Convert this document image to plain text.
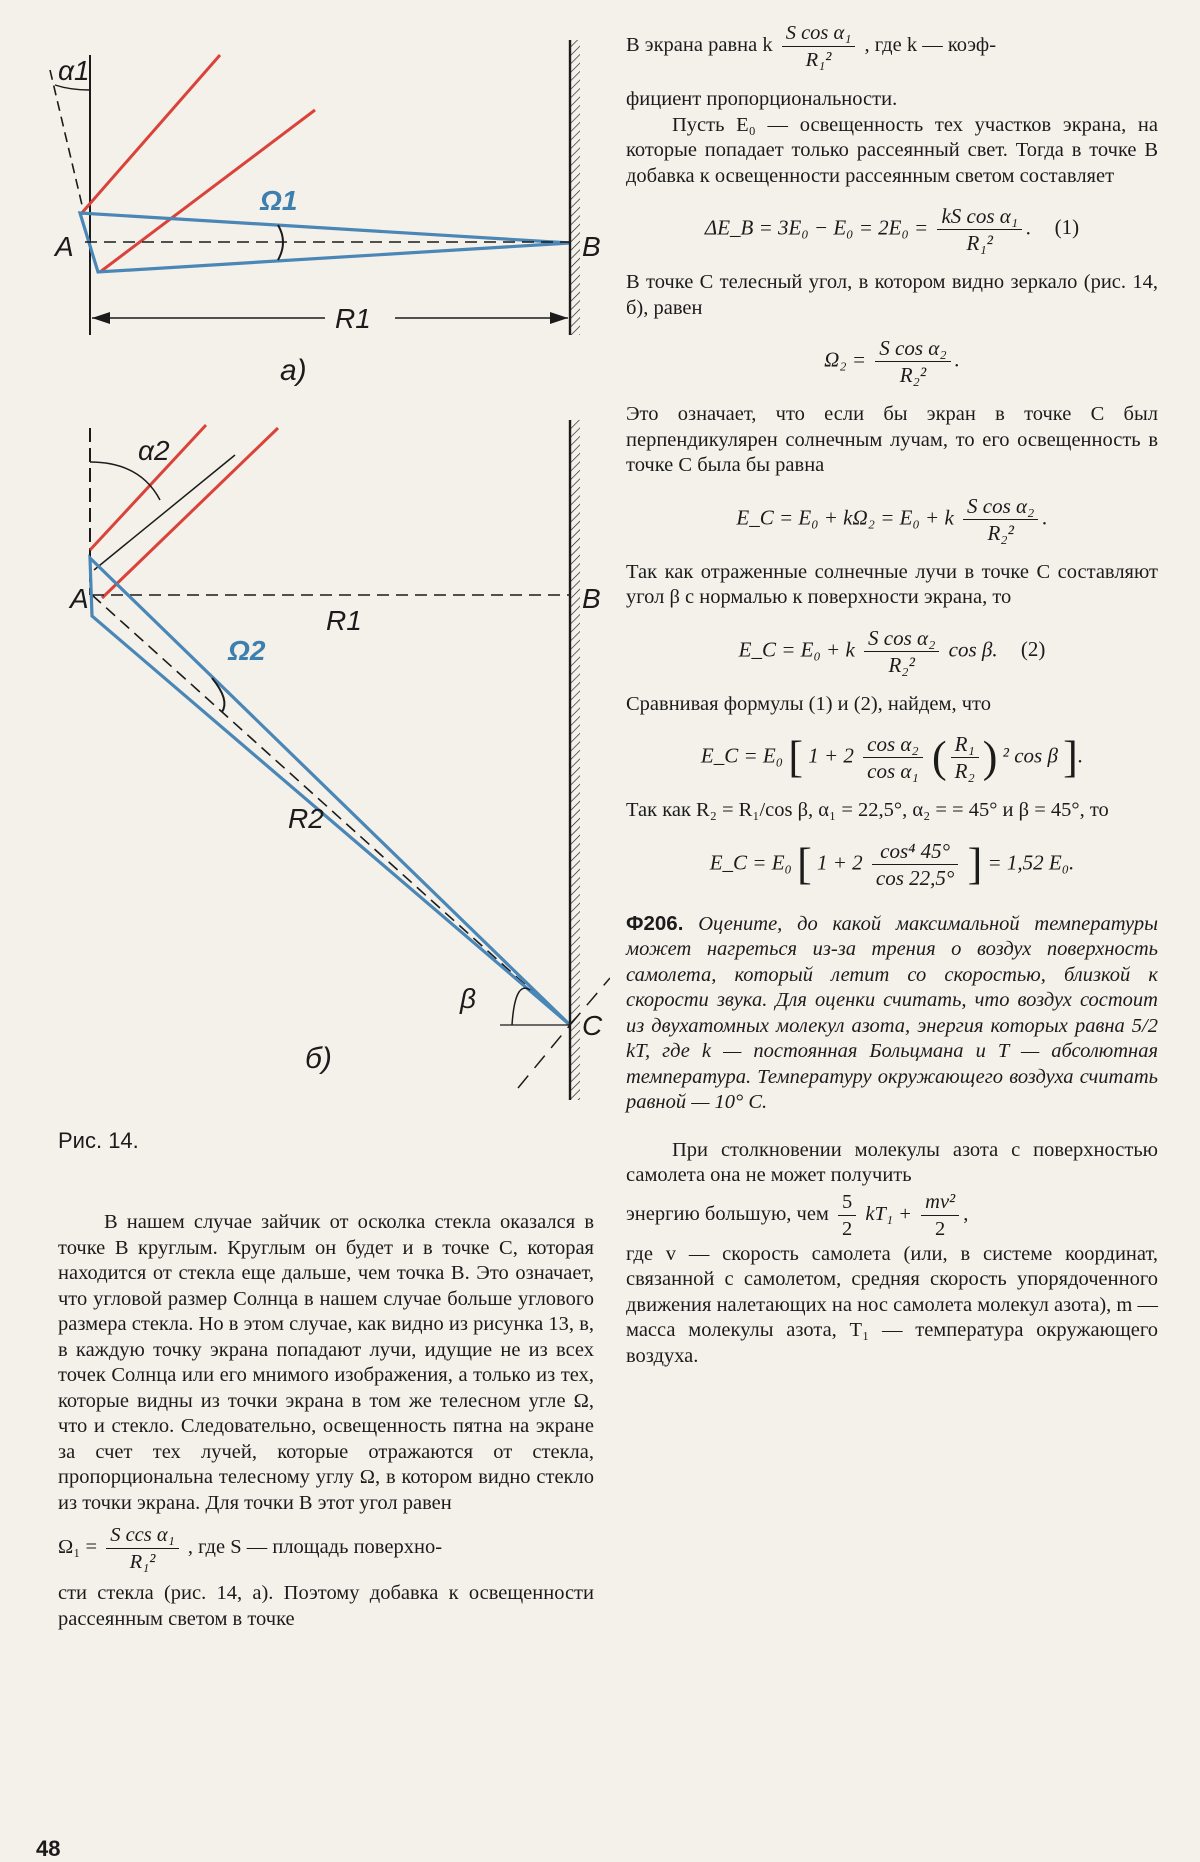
α1
Ω1
A	B
R1
а)
α2
Ω2
A	B
R1
R2
β
C
б)
Рис. 14.

В нашем случае зайчик от осколка стекла оказался в точке B круглым. Круглым он будет и в точке C, которая находится от стекла еще дальше, чем точка B. Это означает, что угловой размер Солнца в нашем случае больше углового размера стекла. Но в этом случае, как видно из рисунка 13, в, в каждую точку экрана попадают лучи, идущие не из всех точек Солнца или его мнимого изображения, а только из тех, которые видны из точки экрана в том же телесном угле Ω, что и стекло. Следовательно, освещенность пятна на экране за счет тех лучей, которые отражаются от стекла, пропорциональна телесному углу Ω, в котором видно стекло из точки экрана. Для точки B этот угол равен

$\Omega_1 = \frac{\text{S ccs α₁}}{\text{R₁²}}$ , где S — площадь поверхно-

сти стекла (рис. 14, а). Поэтому добавка к освещенности рассеянным светом в точке

B экрана равна k $\frac{\text{S cos α₁}}{\text{R₁²}}$ , где k — коэф-

фициент пропорциональности.

Пусть E₀ — освещенность тех участков экрана, на которые попадает только рассеянный свет. Тогда в точке B добавка к освещенности рассеянным светом составляет

ΔE_B = $3E_0 - E_0 = 2E_0 = \frac{\text{kS cos α₁}}{\text{R₁²}}$ . (1)

В точке C телесный угол, в котором видно зеркало (рис. 14, б), равен

$\Omega_2 = \frac{\text{S cos α₂}}{\text{R₂²}}$ .

Это означает, что если бы экран в точке C был перпендикулярен солнечным лучам, то его освещенность в точке C была бы равна

E_C = E₀ + kΩ₂ = E₀ + k $\frac{\text{S cos α₂}}{\text{R₂²}}$ .

Так как отраженные солнечные лучи в точке C составляют угол β с нормалью к поверхности экрана, то

E_C = E₀ + k $\frac{\text{S cos α₂}}{\text{R₂²}}$ cos β. (2)

Сравнивая формулы (1) и (2), найдем, что

E_C = E₀ [ $1 + 2 \frac{\text{cos α₂}}{\text{cos α₁}}$ ( $\frac{\text{R₁}}{\text{R₂}}$ ) ² cos β ].

Так как R₂ = R₁/cos β, α₁ = 22,5°, α₂ = = 45° и β = 45°, то

E_C = E₀ [ $1 + 2 \frac{\text{cos⁴ 45°}}{\cos 22,5^\circ}$ ] = 1,52 E₀.

Ф206. Оцените, до какой максимальной температуры может нагреться из-за трения о воздух поверхность самолета, который летит со скоростью, близкой к скорости звука. Для оценки считать, что воздух состоит из двухатомных молекул азота, энергия которых равна 5/2 kT, где k — постоянная Больцмана и T — абсолютная температура. Температуру окружающего воздуха считать равной — 10° C.

При столкновении молекулы азота с поверхностью самолета она не может получить

энергию большую, чем $\frac{5}{2} kT_1 + \frac{\text{mv²}}{2}$ ,

где v — скорость самолета (или, в системе координат, связанной с самолетом, средняя скорость упорядоченного движения налетающих на нос самолета молекул азота), m — масса молекулы азота, T₁ — температура окружающего воздуха.

48
